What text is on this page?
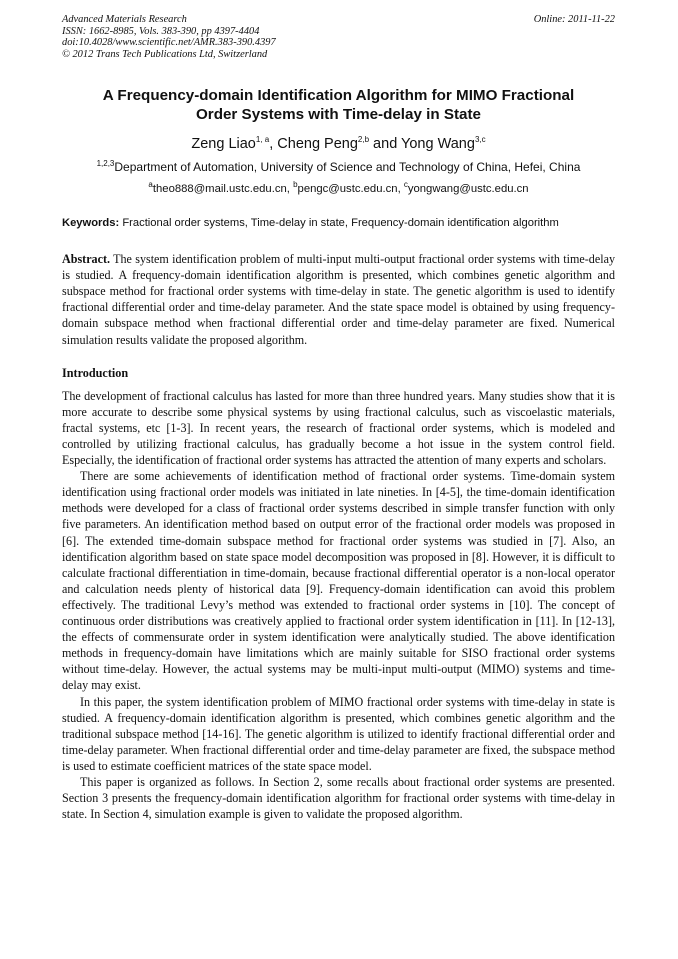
Advanced Materials Research
ISSN: 1662-8985, Vols. 383-390, pp 4397-4404
doi:10.4028/www.scientific.net/AMR.383-390.4397
© 2012 Trans Tech Publications Ltd, Switzerland
Online: 2011-11-22
A Frequency-domain Identification Algorithm for MIMO Fractional Order Systems with Time-delay in State
Zeng Liao$^{1, a}$, Cheng Peng$^{2,b}$ and Yong Wang$^{3,c}$
$^{1,2,3}$Department of Automation, University of Science and Technology of China, Hefei, China
$^a$theo888@mail.ustc.edu.cn, $^b$pengc@ustc.edu.cn, $^c$yongwang@ustc.edu.cn
Keywords: Fractional order systems, Time-delay in state, Frequency-domain identification algorithm
Abstract. The system identification problem of multi-input multi-output fractional order systems with time-delay is studied. A frequency-domain identification algorithm is presented, which combines genetic algorithm and subspace method for fractional order systems with time-delay in state. The genetic algorithm is used to identify fractional differential order and time-delay parameter. And the state space model is obtained by using frequency-domain subspace method when fractional differential order and time-delay parameter are fixed. Numerical simulation results validate the proposed algorithm.
Introduction

The development of fractional calculus has lasted for more than three hundred years. Many studies show that it is more accurate to describe some physical systems by using fractional calculus, such as viscoelastic materials, fractal systems, etc [1-3]. In recent years, the research of fractional order systems, which is modeled and controlled by utilizing fractional calculus, has gradually become a hot issue in the system control field. Especially, the identification of fractional order systems has attracted the attention of many experts and scholars.

There are some achievements of identification method of fractional order systems. Time-domain system identification using fractional order models was initiated in late nineties. In [4-5], the time-domain identification methods were developed for a class of fractional order systems described in simple transfer function with only five parameters. An identification method based on output error of the fractional order models was proposed in [6]. The extended time-domain subspace method for fractional order systems was studied in [7]. Also, an identification algorithm based on state space model decomposition was proposed in [8]. However, it is difficult to calculate fractional differentiation in time-domain, because fractional differential operator is a non-local operator and calculation needs plenty of historical data [9]. Frequency-domain identification can avoid this problem effectively. The traditional Levy’s method was extended to fractional order systems in [10]. The concept of continuous order distributions was creatively applied to fractional order system identification in [11]. In [12-13], the effects of commensurate order in system identification were analytically studied. The above identification methods in frequency-domain have limitations which are mainly suitable for SISO fractional order systems without time-delay. However, the actual systems may be multi-input multi-output (MIMO) systems and time-delay may exist.

In this paper, the system identification problem of MIMO fractional order systems with time-delay in state is studied. A frequency-domain identification algorithm is presented, which combines genetic algorithm and the traditional subspace method [14-16]. The genetic algorithm is utilized to identify fractional differential order and time-delay parameter. When fractional differential order and time-delay parameter are fixed, the subspace method is used to estimate coefficient matrices of the state space model.

This paper is organized as follows. In Section 2, some recalls about fractional order systems are presented. Section 3 presents the frequency-domain identification algorithm for fractional order systems with time-delay in state. In Section 4, simulation example is given to validate the proposed algorithm.
